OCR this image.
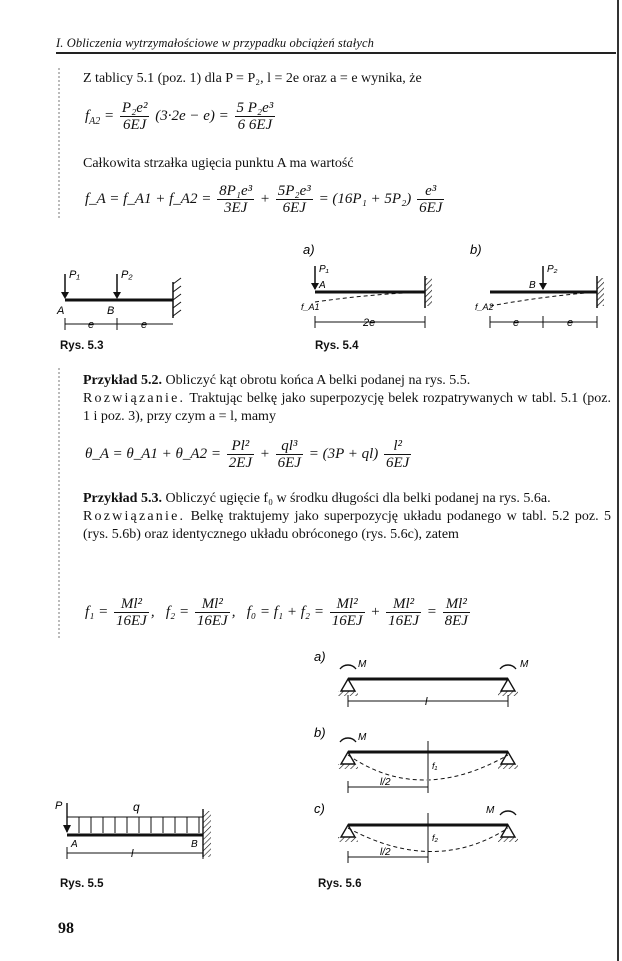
I. Obliczenia wytrzymałościowe w przypadku obciążeń stałych

Z tablicy 5.1 (poz. 1) dla P = P₂, l = 2e oraz a = e wynika, że

$f_{A2} = \frac{\text{P₂e²}}{6EJ} (3\cdot 2e - e) = \frac{\text{5 P₂e³}}{6 6EJ}$

Całkowita strzałka ugięcia punktu A ma wartość

f_A = f_A1 + f_A2 = $\frac{\text{8P₁e³}}{3EJ} + \frac{\text{5P₂e³}}{6EJ} = (16P_1 + 5P_2) \frac{\text{e³}}{6EJ}$
P₁	P₂
A	B
e	e
Rys. 5.3
a)	b)
P₁	P₂
A	B
2e	e	e
f_A1	f_A2
Rys. 5.4
Przykład 5.2. Obliczyć kąt obrotu końca A belki podanej na rys. 5.5.
Rozwiązanie. Traktując belkę jako superpozycję belek rozpatrywanych w tabl. 5.1 (poz. 1 i poz. 3), przy czym a = l, mamy
θ_A = θ_A1 + θ_A2 = $\frac{\text{Pl²}}{2EJ} + \frac{\text{ql³}}{6EJ} = (3P + ql) \frac{\text{l²}}{6EJ}$
Przykład 5.3. Obliczyć ugięcie f₀ w środku długości dla belki podanej na rys. 5.6a.
Rozwiązanie. Belkę traktujemy jako superpozycję układu podanego w tabl. 5.2 poz. 5 (rys. 5.6b) oraz identycznego układu obróconego (rys. 5.6c), zatem
$f_1 = \frac{\text{Ml²}}{16EJ}$ ,   $f_2 = \frac{\text{Ml²}}{16EJ}$ ,   $f_0 = f_1 + f_2 = \frac{\text{Ml²}}{16EJ} + \frac{\text{Ml²}}{16EJ} = \frac{\text{Ml²}}{8EJ}$
a)
b)
c)
M	M
M
M
l
l/2
l/2
f₁
f₂
P	q
A	B
l
Rys. 5.5	Rys. 5.6
98
